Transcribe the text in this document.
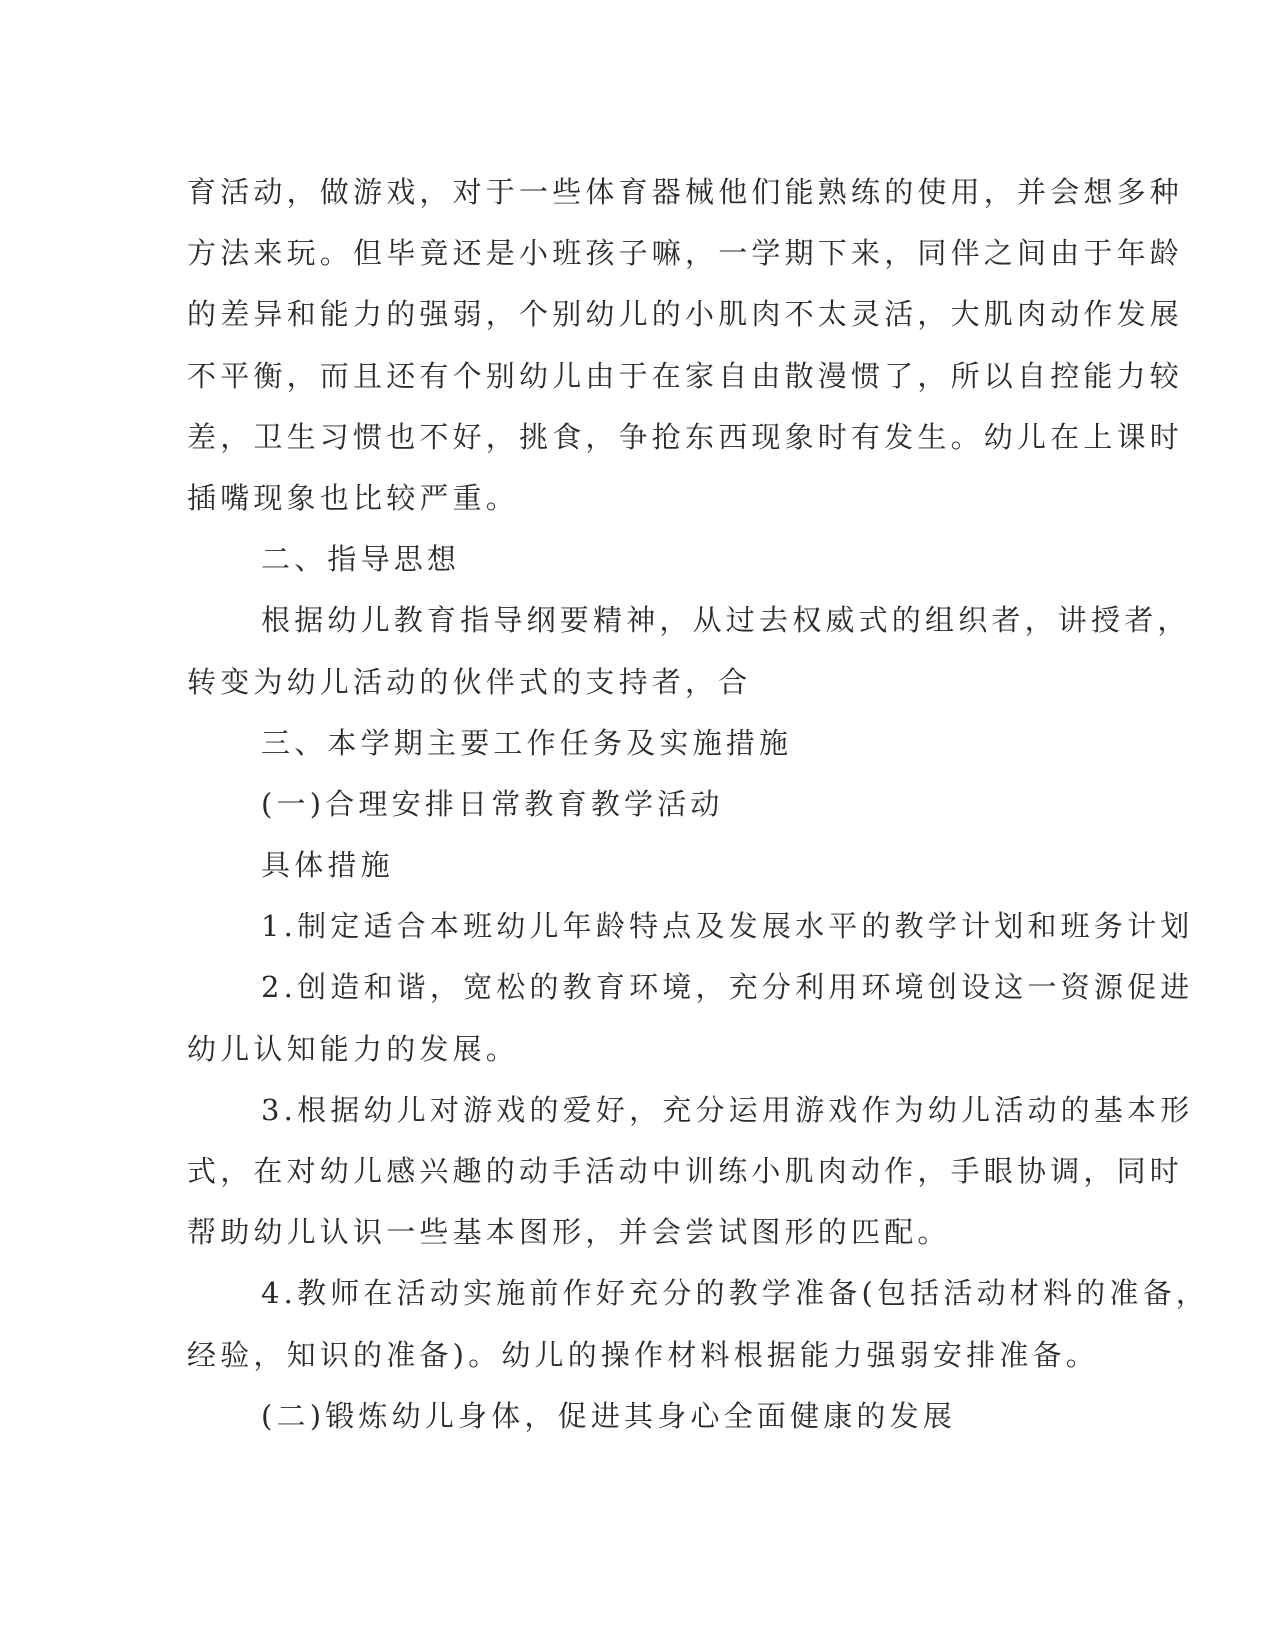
育活动，做游戏，对于一些体育器械他们能熟练的使用，并会想多种
方法来玩。但毕竟还是小班孩子嘛，一学期下来，同伴之间由于年龄
的差异和能力的强弱，个别幼儿的小肌肉不太灵活，大肌肉动作发展
不平衡，而且还有个别幼儿由于在家自由散漫惯了，所以自控能力较
差，卫生习惯也不好，挑食，争抢东西现象时有发生。幼儿在上课时
插嘴现象也比较严重。
二、指导思想
根据幼儿教育指导纲要精神，从过去权威式的组织者，讲授者，
转变为幼儿活动的伙伴式的支持者，合
三、本学期主要工作任务及实施措施
(一)合理安排日常教育教学活动
具体措施
1.制定适合本班幼儿年龄特点及发展水平的教学计划和班务计划
2.创造和谐，宽松的教育环境，充分利用环境创设这一资源促进
幼儿认知能力的发展。
3.根据幼儿对游戏的爱好，充分运用游戏作为幼儿活动的基本形
式，在对幼儿感兴趣的动手活动中训练小肌肉动作，手眼协调，同时
帮助幼儿认识一些基本图形，并会尝试图形的匹配。
4.教师在活动实施前作好充分的教学准备(包括活动材料的准备，
经验，知识的准备)。幼儿的操作材料根据能力强弱安排准备。
(二)锻炼幼儿身体，促进其身心全面健康的发展
